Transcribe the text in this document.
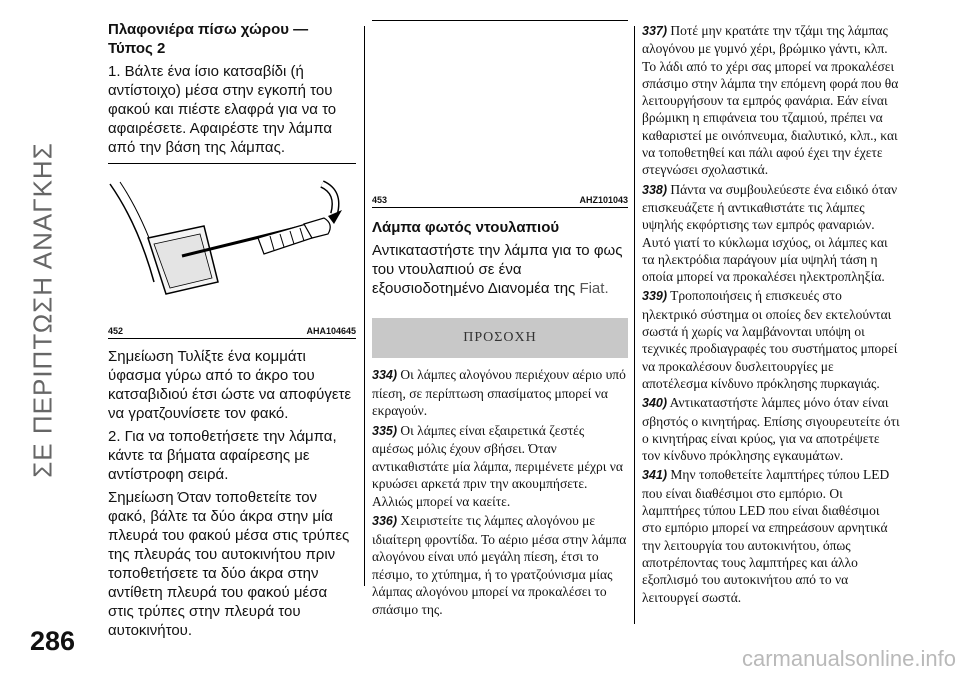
ΣΕ ΠΕΡΙΠΤΩΣΗ ΑΝΑΓΚΗΣ
Πλαφονιέρα πίσω χώρου — Τύπος 2
1. Βάλτε ένα ίσιο κατσαβίδι (ή αντίστοιχο) μέσα στην εγκοπή του φακού και πιέστε ελαφρά για να το αφαιρέσετε. Αφαιρέστε την λάμπα από την βάση της λάμπας.
452	AHA104645
Σημείωση Τυλίξτε ένα κομμάτι ύφασμα γύρω από το άκρο του κατσαβιδιού έτσι ώστε να αποφύγετε να γρατζουνίσετε τον φακό.
2. Για να τοποθετήσετε την λάμπα, κάντε τα βήματα αφαίρεσης με αντίστροφη σειρά.
Σημείωση Όταν τοποθετείτε τον φακό, βάλτε τα δύο άκρα στην μία πλευρά του φακού μέσα στις τρύπες της πλευράς του αυτοκινήτου πριν τοποθετήσετε τα δύο άκρα στην αντίθετη πλευρά του φακού μέσα στις τρύπες στην πλευρά του αυτοκινήτου.
453	AHZ101043
Λάμπα φωτός ντουλαπιού
Αντικαταστήστε την λάμπα για το φως του ντουλαπιού σε ένα εξουσιοδοτημένο Διανομέα της Fiat.
ΠΡΟΣΟΧΗ
334) Οι λάμπες αλογόνου περιέχουν αέριο υπό πίεση, σε περίπτωση σπασίματος μπορεί να εκραγούν.
335) Οι λάμπες είναι εξαιρετικά ζεστές αμέσως μόλις έχουν σβήσει. Όταν αντικαθιστάτε μία λάμπα, περιμένετε μέχρι να κρυώσει αρκετά πριν την ακουμπήσετε. Αλλιώς μπορεί να καείτε.
336) Χειριστείτε τις λάμπες αλογόνου με ιδιαίτερη φροντίδα. Το αέριο μέσα στην λάμπα αλογόνου είναι υπό μεγάλη πίεση, έτσι το πέσιμο, το χτύπημα, ή το γρατζούνισμα μίας λάμπας αλογόνου μπορεί να προκαλέσει το σπάσιμο της.
337) Ποτέ μην κρατάτε την τζάμι της λάμπας αλογόνου με γυμνό χέρι, βρώμικο γάντι, κλπ. Το λάδι από το χέρι σας μπορεί να προκαλέσει σπάσιμο στην λάμπα την επόμενη φορά που θα λειτουργήσουν τα εμπρός φανάρια. Εάν είναι βρώμικη η επιφάνεια του τζαμιού, πρέπει να καθαριστεί με οινόπνευμα, διαλυτικό, κλπ., και να τοποθετηθεί και πάλι αφού έχει την έχετε στεγνώσει σχολαστικά.
338) Πάντα να συμβουλεύεστε ένα ειδικό όταν επισκευάζετε ή αντικαθιστάτε τις λάμπες υψηλής εκφόρτισης των εμπρός φαναριών. Αυτό γιατί το κύκλωμα ισχύος, οι λάμπες και τα ηλεκτρόδια παράγουν μία υψηλή τάση η οποία μπορεί να προκαλέσει ηλεκτροπληξία.
339) Τροποποιήσεις ή επισκευές στο ηλεκτρικό σύστημα οι οποίες δεν εκτελούνται σωστά ή χωρίς να λαμβάνονται υπόψη οι τεχνικές προδιαγραφές του συστήματος μπορεί να προκαλέσουν δυσλειτουργίες με αποτέλεσμα κίνδυνο πρόκλησης πυρκαγιάς.
340) Αντικαταστήστε λάμπες μόνο όταν είναι σβηστός ο κινητήρας. Επίσης σιγουρευτείτε ότι ο κινητήρας είναι κρύος, για να αποτρέψετε τον κίνδυνο πρόκλησης εγκαυμάτων.
341) Μην τοποθετείτε λαμπτήρες τύπου LED που είναι διαθέσιμοι στο εμπόριο. Οι λαμπτήρες τύπου LED που είναι διαθέσιμοι στο εμπόριο μπορεί να επηρεάσουν αρνητικά την λειτουργία του αυτοκινήτου, όπως αποτρέποντας τους λαμπτήρες και άλλο εξοπλισμό του αυτοκινήτου από το να λειτουργεί σωστά.
286
carmanualsonline.info
